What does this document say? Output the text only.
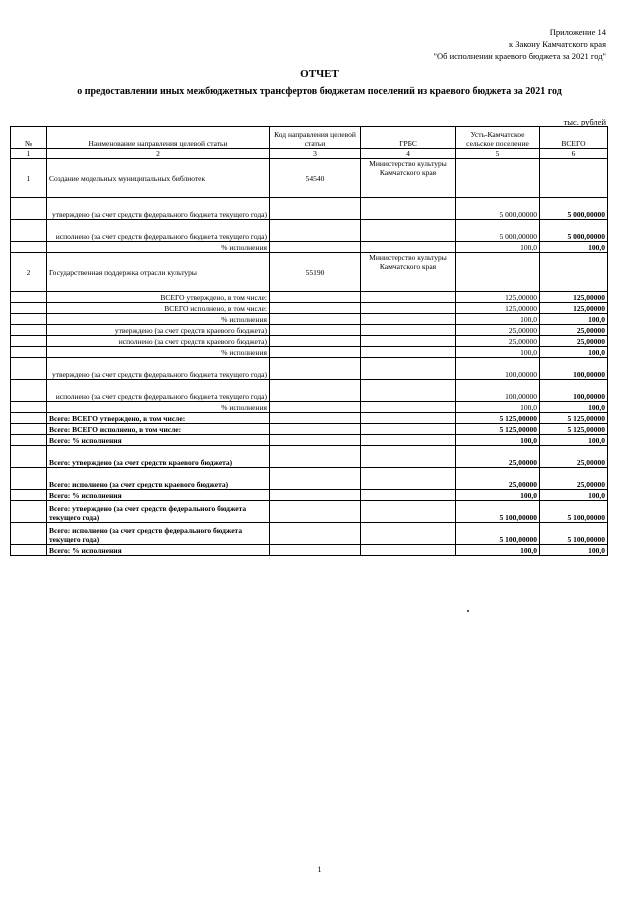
Приложение 14
к Закону Камчатского края
"Об исполнении краевого бюджета за 2021 год"
ОТЧЕТ
о предоставлении иных межбюджетных трансфертов бюджетам поселений из краевого бюджета за 2021 год
тыс. рублей
№	Наименование направления целевой статьи	Код направления целевой статьи	ГРБС	Усть-Камчатское сельское поселение	ВСЕГО
1	2	3	4	5	6
1	Создание модельных муниципальных библиотек	54540	Министерство культуры Камчатского края		
	утверждено (за счет средств федерального бюджета текущего года)			5 000,00000	5 000,00000
	исполнено (за счет средств федерального бюджета текущего года)			5 000,00000	5 000,00000
	% исполнения			100,0	100,0
2	Государственная поддержка отрасли культуры	55190	Министерство культуры Камчатского края		
	ВСЕГО утверждено, в том числе:			125,00000	125,00000
	ВСЕГО исполнено, в том числе:			125,00000	125,00000
	% исполнения			100,0	100,0
	утверждено (за счет средств краевого бюджета)			25,00000	25,00000
	исполнено (за счет средств краевого бюджета)			25,00000	25,00000
	% исполнения			100,0	100,0
	утверждено (за счет средств федерального бюджета текущего года)			100,00000	100,00000
	исполнено (за счет средств федерального бюджета текущего года)			100,00000	100,00000
	% исполнения			100,0	100,0
	Всего: ВСЕГО утверждено, в том числе:			5 125,00000	5 125,00000
	Всего: ВСЕГО исполнено, в том числе:			5 125,00000	5 125,00000
	Всего: % исполнения			100,0	100,0
	Всего: утверждено (за счет средств краевого бюджета)			25,00000	25,00000
	Всего: исполнено (за счет средств краевого бюджета)			25,00000	25,00000
	Всего: % исполнения			100,0	100,0
	Всего: утверждено (за счет средств федерального бюджета текущего года)			5 100,00000	5 100,00000
	Всего: исполнено (за счет средств федерального бюджета текущего года)			5 100,00000	5 100,00000
	Всего: % исполнения			100,0	100,0
1
